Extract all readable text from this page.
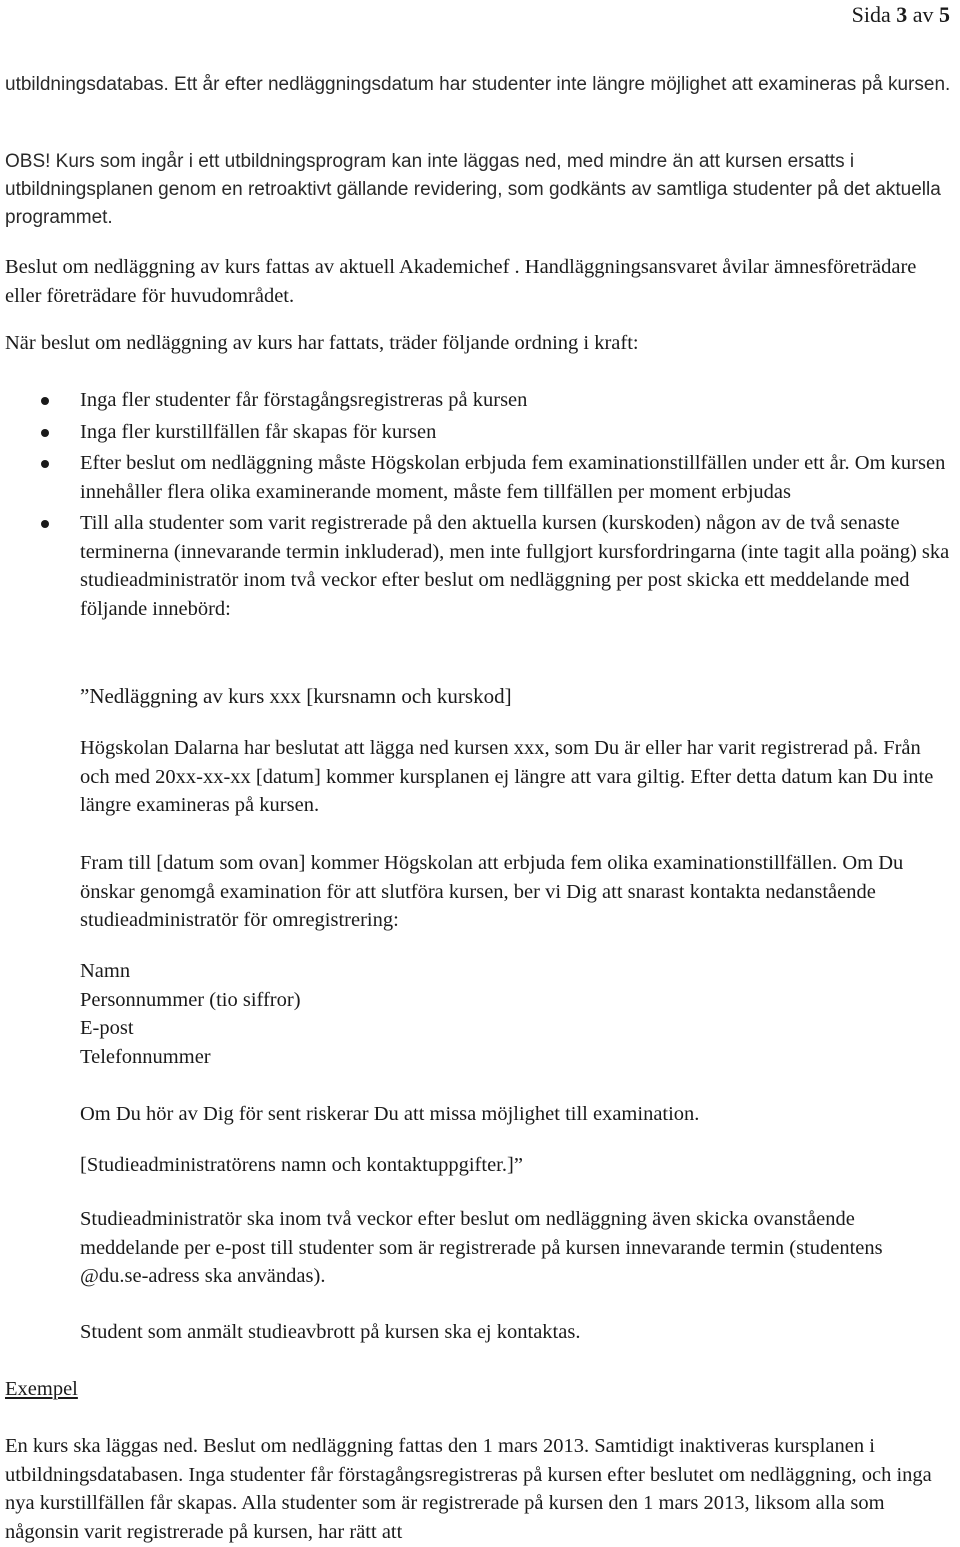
Sida 3 av 5

utbildningsdatabas. Ett år efter nedläggningsdatum har studenter inte längre möjlighet att examineras på kursen.

OBS! Kurs som ingår i ett utbildningsprogram kan inte läggas ned, med mindre än att kursen ersatts i utbildningsplanen genom en retroaktivt gällande revidering, som godkänts av samtliga studenter på det aktuella programmet.

Beslut om nedläggning av kurs fattas av aktuell Akademichef . Handläggningsansvaret åvilar ämnesföreträdare eller företrädare för huvudområdet.

När beslut om nedläggning av kurs har fattats, träder följande ordning i kraft:

Inga fler studenter får förstagångsregistreras på kursen
Inga fler kurstillfällen får skapas för kursen
Efter beslut om nedläggning måste Högskolan erbjuda fem examinationstillfällen under ett år. Om kursen innehåller flera olika examinerande moment, måste fem tillfällen per moment erbjudas
Till alla studenter som varit registrerade på den aktuella kursen (kurskoden) någon av de två senaste terminerna (innevarande termin inkluderad), men inte fullgjort kursfordringarna (inte tagit alla poäng) ska studieadministratör inom två veckor efter beslut om nedläggning per post skicka ett meddelande med följande innebörd:

”Nedläggning av kurs xxx [kursnamn och kurskod]

Högskolan Dalarna har beslutat att lägga ned kursen xxx, som Du är eller har varit registrerad på. Från och med 20xx-xx-xx [datum] kommer kursplanen ej längre att vara giltig. Efter detta datum kan Du inte längre examineras på kursen.

Fram till [datum som ovan] kommer Högskolan att erbjuda fem olika examinationstillfällen. Om Du önskar genomgå examination för att slutföra kursen, ber vi Dig att snarast kontakta nedanstående studieadministratör för omregistrering:

Namn
Personnummer (tio siffror)
E-post
Telefonnummer

Om Du hör av Dig för sent riskerar Du att missa möjlighet till examination.

[Studieadministratörens namn och kontaktuppgifter.]”

Studieadministratör ska inom två veckor efter beslut om nedläggning även skicka ovanstående meddelande per e-post till studenter som är registrerade på kursen innevarande termin (studentens @du.se-adress ska användas).

Student som anmält studieavbrott på kursen ska ej kontaktas.

Exempel

En kurs ska läggas ned. Beslut om nedläggning fattas den 1 mars 2013. Samtidigt inaktiveras kursplanen i utbildningsdatabasen. Inga studenter får förstagångsregistreras på kursen efter beslutet om nedläggning, och inga nya kurstillfällen får skapas. Alla studenter som är registrerade på kursen den 1 mars 2013, liksom alla som någonsin varit registrerade på kursen, har rätt att
